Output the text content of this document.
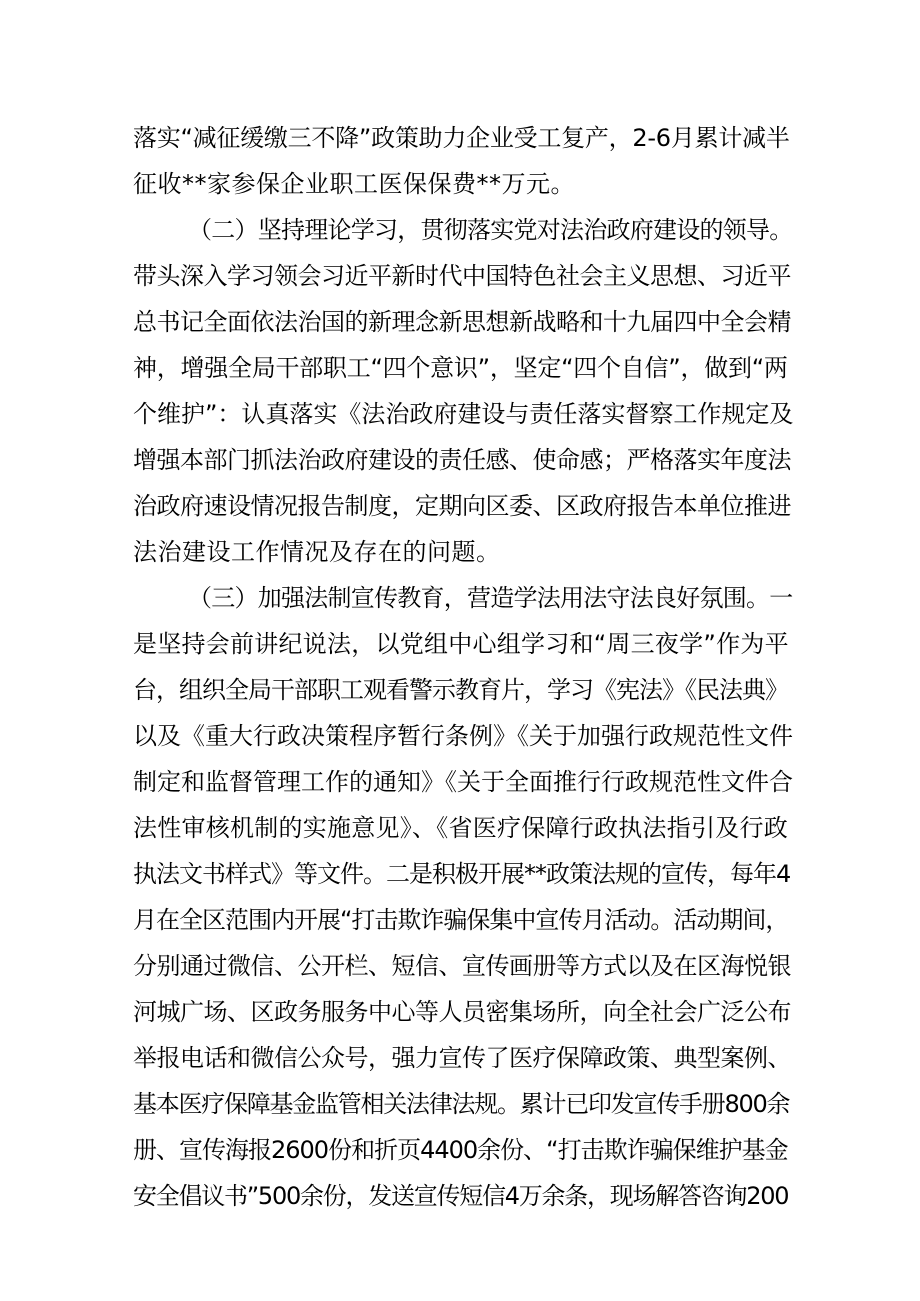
落实“减征缓缴三不降”政策助力企业受工复产，2-6月累计减半
征收**家参保企业职工医保保费**万元。
（二）坚持理论学习，贯彻落实党对法治政府建设的领导。
带头深入学习领会习近平新时代中国特色社会主义思想、习近平
总书记全面依法治国的新理念新思想新战略和十九届四中全会精
神，增强全局干部职工“四个意识”，坚定“四个自信”，做到“两
个维护”：认真落实《法治政府建设与责任落实督察工作规定及
增强本部门抓法治政府建设的责任感、使命感；严格落实年度法
治政府速设情况报告制度，定期向区委、区政府报告本单位推进
法治建设工作情况及存在的问题。
（三）加强法制宣传教育，营造学法用法守法良好氛围。一
是坚持会前讲纪说法，以党组中心组学习和“周三夜学”作为平
台，组织全局干部职工观看警示教育片，学习《宪法》《民法典》
以及《重大行政决策程序暂行条例》《关于加强行政规范性文件
制定和监督管理工作的通知》《关于全面推行行政规范性文件合
法性审核机制的实施意见》、《省医疗保障行政执法指引及行政
执法文书样式》等文件。二是积极开展**政策法规的宣传，每年4
月在全区范围内开展“打击欺诈骗保集中宣传月活动。活动期间，
分别通过微信、公开栏、短信、宣传画册等方式以及在区海悦银
河城广场、区政务服务中心等人员密集场所，向全社会广泛公布
举报电话和微信公众号，强力宣传了医疗保障政策、典型案例、
基本医疗保障基金监管相关法律法规。累计已印发宣传手册800余
册、宣传海报2600份和折页4400余份、“打击欺诈骗保维护基金
安全倡议书”500余份，发送宣传短信4万余条，现场解答咨询200
